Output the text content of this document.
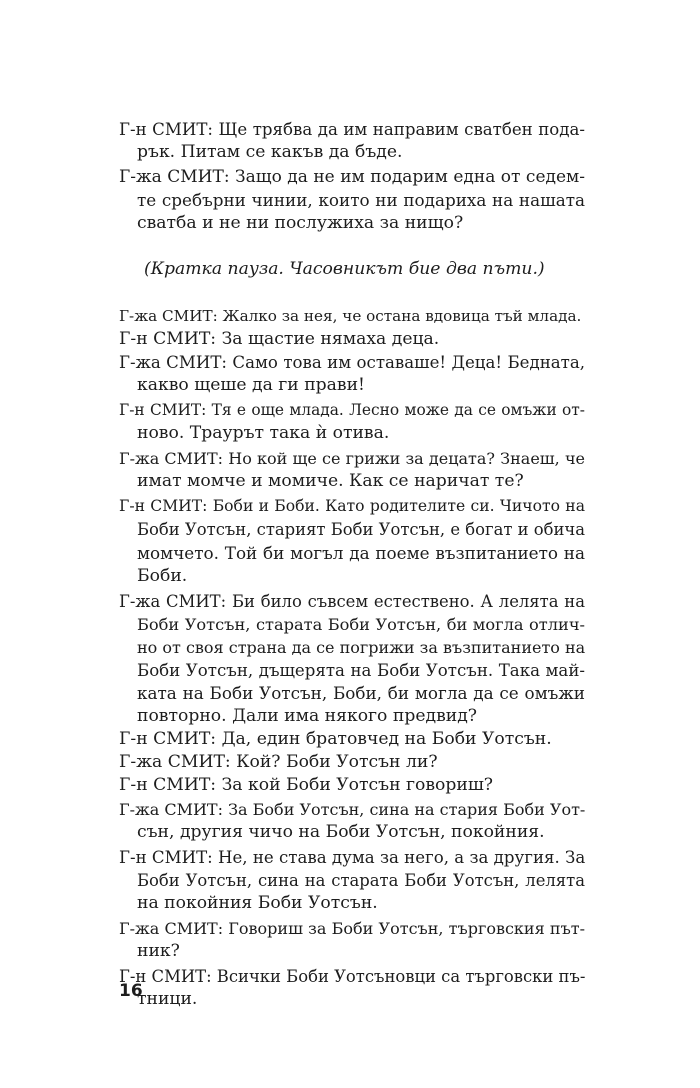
Г-н СМИТ: Ще трябва да им направим сватбен пода-
рък. Питам се какъв да бъде.
Г-жа СМИТ: Защо да не им подарим една от седем-
те сребърни чинии, които ни подариха на нашата
сватба и не ни послужиха за нищо?
(Кратка пауза. Часовникът бие два пъти.)
Г-жа СМИТ: Жалко за нея, че остана вдовица тъй млада.
Г-н СМИТ: За щастие нямаха деца.
Г-жа СМИТ: Само това им оставаше! Деца! Бедната,
какво щеше да ги прави!
Г-н СМИТ: Тя е още млада. Лесно може да се омъжи от-
ново. Траурът така ѝ отива.
Г-жа СМИТ: Но кой ще се грижи за децата? Знаеш, че
имат момче и момиче. Как се наричат те?
Г-н СМИТ: Боби и Боби. Като родителите си. Чичото на
Боби Уотсън, старият Боби Уотсън, е богат и обича
момчето. Той би могъл да поеме възпитанието на
Боби.
Г-жа СМИТ: Би било съвсем естествено. А лелята на
Боби Уотсън, старата Боби Уотсън, би могла отлич-
но от своя страна да се погрижи за възпитанието на
Боби Уотсън, дъщерята на Боби Уотсън. Така май-
ката на Боби Уотсън, Боби, би могла да се омъжи
повторно. Дали има някого предвид?
Г-н СМИТ: Да, един братовчед на Боби Уотсън.
Г-жа СМИТ: Кой? Боби Уотсън ли?
Г-н СМИТ: За кой Боби Уотсън говориш?
Г-жа СМИТ: За Боби Уотсън, сина на стария Боби Уот-
сън, другия чичо на Боби Уотсън, покойния.
Г-н СМИТ: Не, не става дума за него, а за другия. За
Боби Уотсън, сина на старата Боби Уотсън, лелята
на покойния Боби Уотсън.
Г-жа СМИТ: Говориш за Боби Уотсън, търговския път-
ник?
Г-н СМИТ: Всички Боби Уотсъновци са търговски пъ-
тници.
16
